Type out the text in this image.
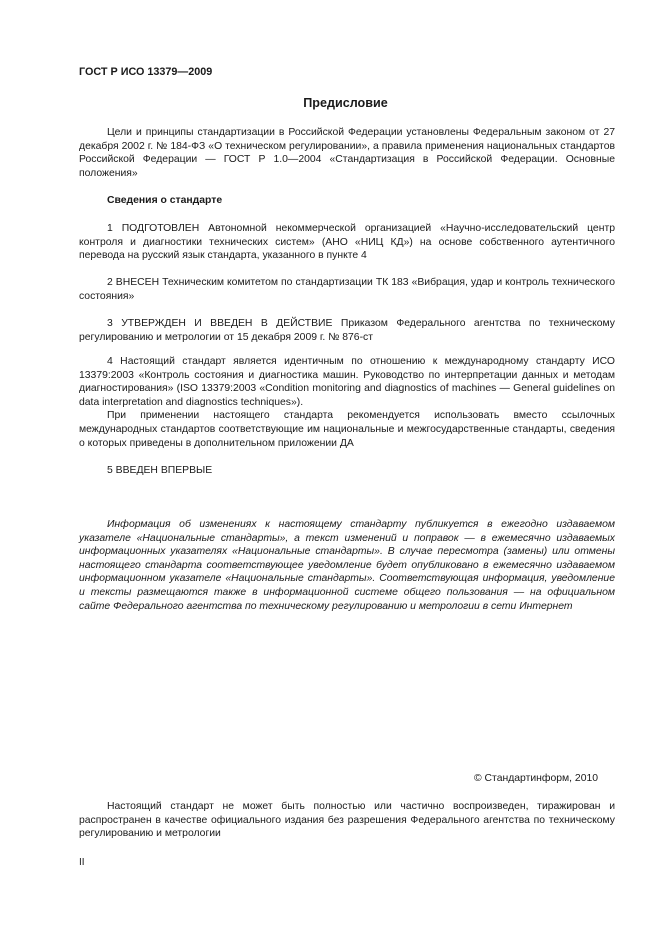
ГОСТ Р ИСО 13379—2009
Предисловие

Цели и принципы стандартизации в Российской Федерации установлены Федеральным законом от 27 декабря 2002 г. № 184-ФЗ «О техническом регулировании», а правила применения национальных стандартов Российской Федерации — ГОСТ Р 1.0—2004 «Стандартизация в Российской Федерации. Основные положения»

Сведения о стандарте

1 ПОДГОТОВЛЕН Автономной некоммерческой организацией «Научно-исследовательский центр контроля и диагностики технических систем» (АНО «НИЦ КД») на основе собственного аутентичного перевода на русский язык стандарта, указанного в пункте 4

2 ВНЕСЕН Техническим комитетом по стандартизации ТК 183 «Вибрация, удар и контроль технического состояния»

3 УТВЕРЖДЕН И ВВЕДЕН В ДЕЙСТВИЕ Приказом Федерального агентства по техническому регулированию и метрологии от 15 декабря 2009 г. № 876-ст

4 Настоящий стандарт является идентичным по отношению к международному стандарту ИСО 13379:2003 «Контроль состояния и диагностика машин. Руководство по интерпретации данных и методам диагностирования» (ISO 13379:2003 «Condition monitoring and diagnostics of machines — General guidelines on data interpretation and diagnostics techniques»).

При применении настоящего стандарта рекомендуется использовать вместо ссылочных международных стандартов соответствующие им национальные и межгосударственные стандарты, сведения о которых приведены в дополнительном приложении ДА

5 ВВЕДЕН ВПЕРВЫЕ

Информация об изменениях к настоящему стандарту публикуется в ежегодно издаваемом указателе «Национальные стандарты», а текст изменений и поправок — в ежемесячно издаваемых информационных указателях «Национальные стандарты». В случае пересмотра (замены) или отмены настоящего стандарта соответствующее уведомление будет опубликовано в ежемесячно издаваемом информационном указателе «Национальные стандарты». Соответствующая информация, уведомление и тексты размещаются также в информационной системе общего пользования — на официальном сайте Федерального агентства по техническому регулированию и метрологии в сети Интернет

© Стандартинформ, 2010

Настоящий стандарт не может быть полностью или частично воспроизведен, тиражирован и распространен в качестве официального издания без разрешения Федерального агентства по техническому регулированию и метрологии

II
